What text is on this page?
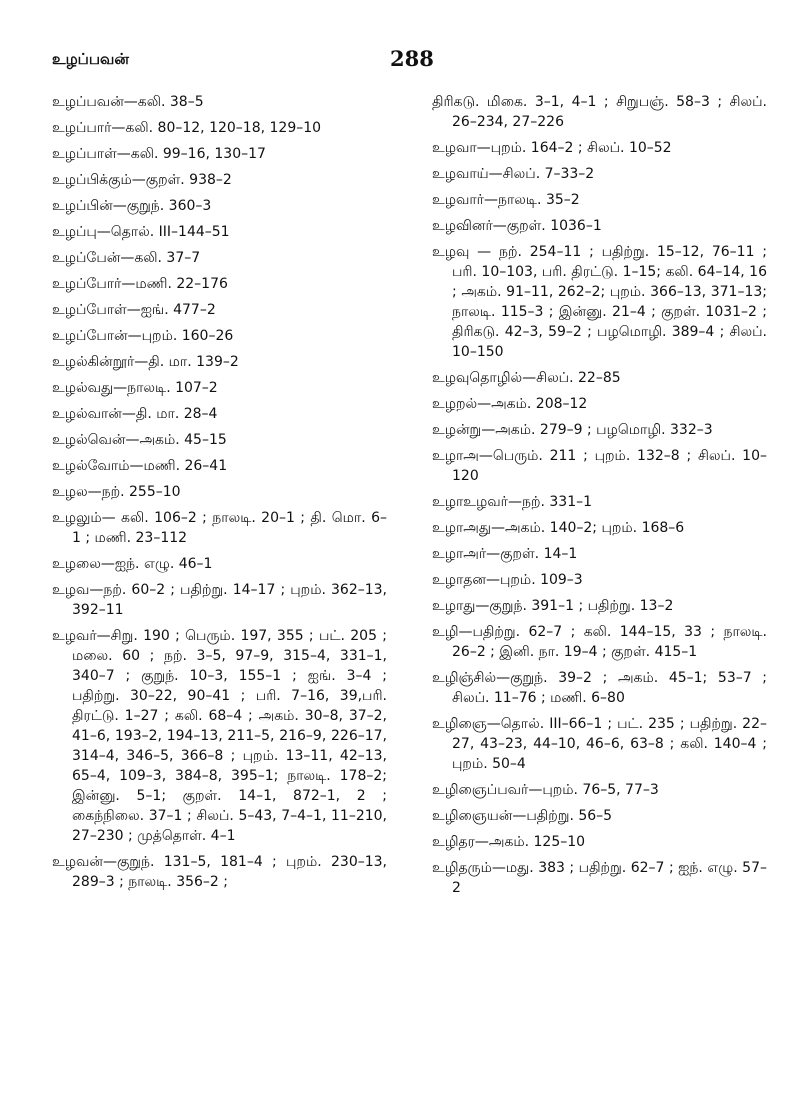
உழப்பவன்	288

உழப்பவன்—கலி. 38–5

உழப்பார்—கலி. 80–12, 120–18, 129–10

உழப்பாள்—கலி. 99–16, 130–17

உழப்பிக்கும்—குறள். 938–2

உழப்பின்—குறுந். 360–3

உழப்பு—தொல். III–144–51

உழப்பேன்—கலி. 37–7

உழப்போர்—மணி. 22–176

உழப்போள்—ஐங். 477–2

உழப்போன்—புறம். 160–26

உழல்கின்றூர்—தி. மா. 139–2

உழல்வது—நாலடி. 107–2

உழல்வான்—தி. மா. 28–4

உழல்வென்—அகம். 45–15

உழல்வோம்—மணி. 26–41

உழல—நற். 255–10

உழலும்— கலி. 106–2 ; நாலடி. 20–1 ; தி. மொ. 6–1 ; மணி. 23–112

உழலை—ஐந். எழு. 46–1

உழவ—நற். 60–2 ; பதிற்று. 14–17 ; புறம். 362–13, 392–11

உழவர்—சிறு. 190 ; பெரும். 197, 355 ; பட். 205 ; மலை. 60 ; நற். 3–5, 97–9, 315–4, 331–1, 340–7 ; குறுந். 10–3, 155–1 ; ஐங். 3–4 ; பதிற்று. 30–22, 90–41 ; பரி. 7–16, 39,பரி. திரட்டு. 1–27 ; கலி. 68–4 ; அகம். 30–8, 37–2, 41–6, 193–2, 194–13, 211–5, 216–9, 226–17, 314–4, 346–5, 366–8 ; புறம். 13–11, 42–13, 65–4, 109–3, 384–8, 395–1; நாலடி. 178–2; இன்னு. 5–1; குறள். 14–1, 872–1, 2 ; கைந்நிலை. 37–1 ; சிலப். 5–43, 7–4–1, 11–210, 27–230 ; முத்தொள். 4–1

உழவன்—குறுந். 131–5, 181–4 ; புறம். 230–13, 289–3 ; நாலடி. 356–2 ;

திரிகடு. மிகை. 3–1, 4–1 ; சிறுபஞ். 58–3 ; சிலப். 26–234, 27–226

உழவா—புறம். 164–2 ; சிலப். 10–52

உழவாய்—சிலப். 7–33–2

உழவார்—நாலடி. 35–2

உழவினர்—குறள். 1036–1

உழவு — நற். 254–11 ; பதிற்று. 15–12, 76–11 ; பரி. 10–103, பரி. திரட்டு. 1–15; கலி. 64–14, 16 ; அகம். 91–11, 262–2; புறம். 366–13, 371–13; நாலடி. 115–3 ; இன்னு. 21–4 ; குறள். 1031–2 ; திரிகடு. 42–3, 59–2 ; பழமொழி. 389–4 ; சிலப். 10–150

உழவுதொழில்—சிலப். 22–85

உழறல்—அகம். 208–12

உழன்று—அகம். 279–9 ; பழமொழி. 332–3

உழாஅ—பெரும். 211 ; புறம். 132–8 ; சிலப். 10–120

உழாஉழவர்—நற். 331–1

உழாஅது—அகம். 140–2; புறம். 168–6

உழாஅர்—குறள். 14–1

உழாதன—புறம். 109–3

உழாது—குறுந். 391–1 ; பதிற்று. 13–2

உழி—பதிற்று. 62–7 ; கலி. 144–15, 33 ; நாலடி. 26–2 ; இனி. நா. 19–4 ; குறள். 415–1

உழிஞ்சில்—குறுந். 39–2 ; அகம். 45–1; 53–7 ; சிலப். 11–76 ; மணி. 6–80

உழிஞை—தொல். III–66–1 ; பட். 235 ; பதிற்று. 22–27, 43–23, 44–10, 46–6, 63–8 ; கலி. 140–4 ; புறம். 50–4

உழிஞைப்பவர்—புறம். 76–5, 77–3

உழிஞையன்—பதிற்று. 56–5

உழிதர—அகம். 125–10

உழிதரும்—மது. 383 ; பதிற்று. 62–7 ; ஐந். எழு. 57–2
